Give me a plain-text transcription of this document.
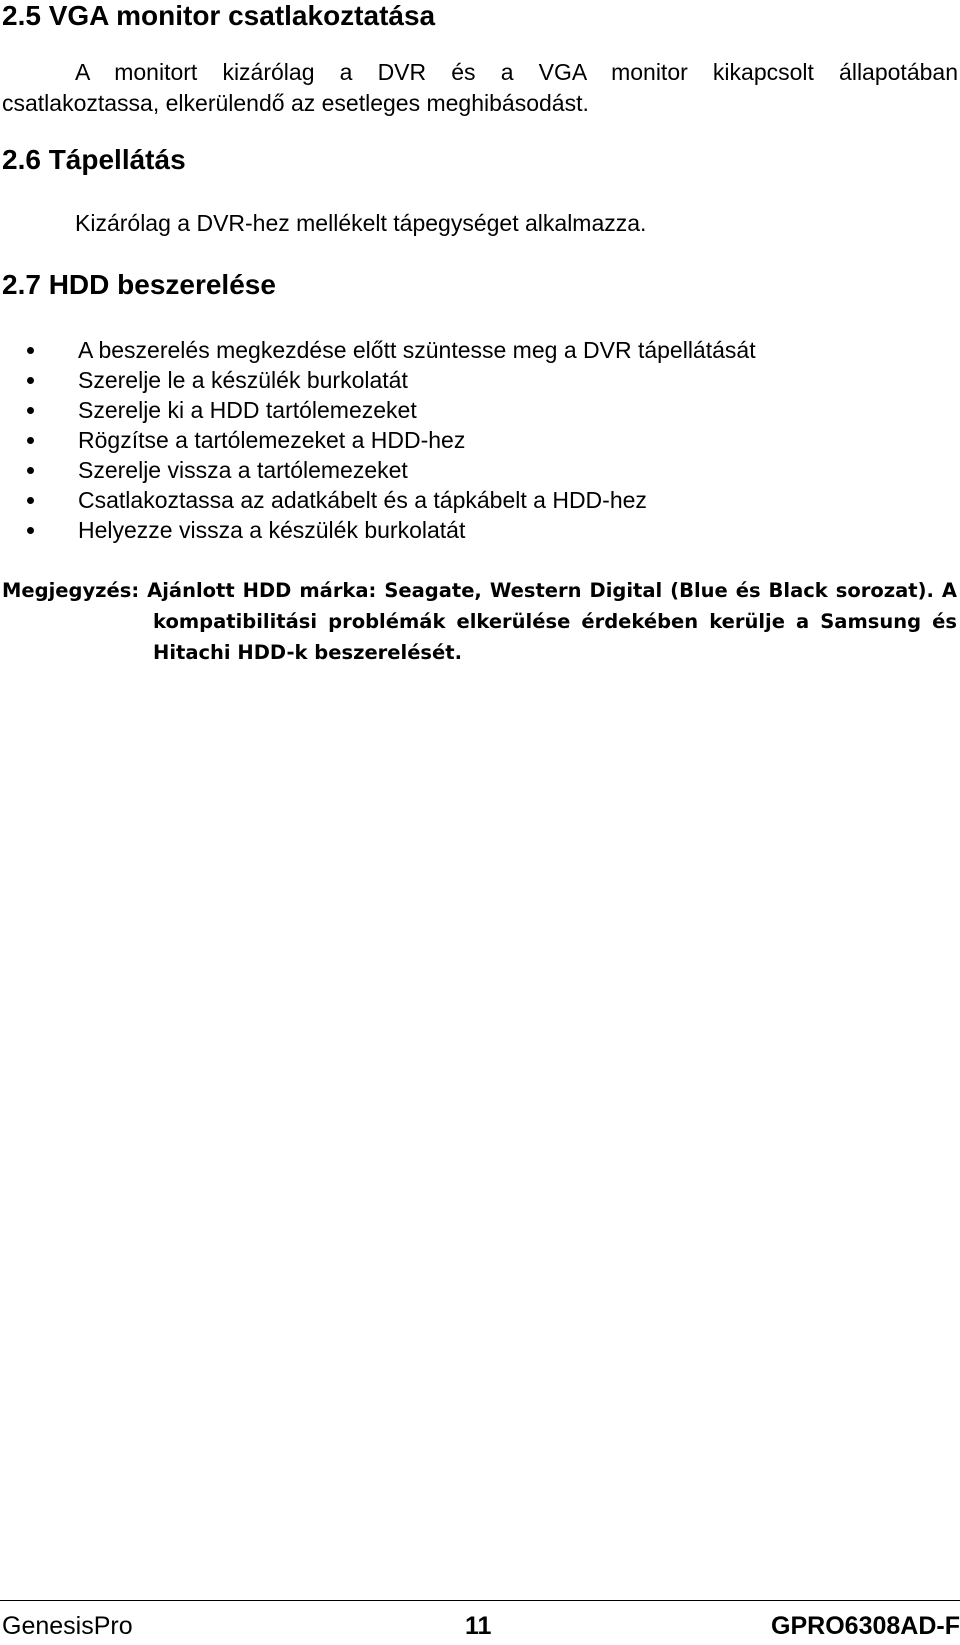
2.5 VGA monitor csatlakoztatása

A monitort kizárólag a DVR és a VGA monitor kikapcsolt állapotában
csatlakoztassa, elkerülendő az esetleges meghibásodást.

2.6 Tápellátás

Kizárólag a DVR-hez mellékelt tápegységet alkalmazza.

2.7 HDD beszerelése
A beszerelés megkezdése előtt szüntesse meg a DVR tápellátását
Szerelje le a készülék burkolatát
Szerelje ki a HDD tartólemezeket
Rögzítse a tartólemezeket a HDD-hez
Szerelje vissza a tartólemezeket
Csatlakoztassa az adatkábelt és a tápkábelt a HDD-hez
Helyezze vissza a készülék burkolatát
Megjegyzés: Ajánlott HDD márka: Seagate, Western Digital (Blue és Black sorozat). A
kompatibilitási problémák elkerülése érdekében kerülje a Samsung és Hitachi HDD-k beszerelését.
GenesisPro	11	GPRO6308AD-F
